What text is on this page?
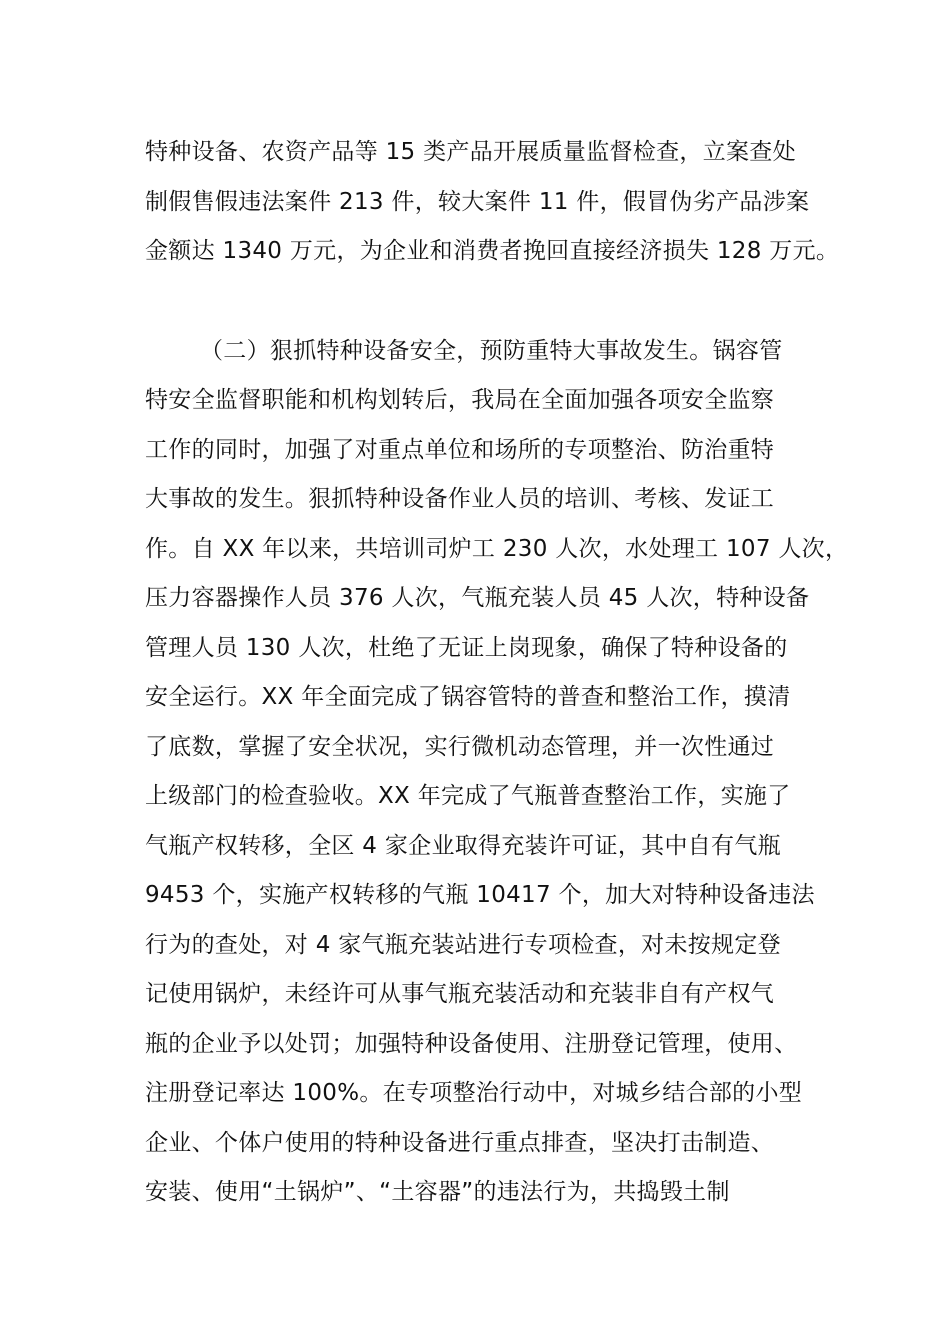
特种设备、农资产品等 15 类产品开展质量监督检查，立案查处

制假售假违法案件 213 件，较大案件 11 件，假冒伪劣产品涉案

金额达 1340 万元，为企业和消费者挽回直接经济损失 128 万元。

（二）狠抓特种设备安全，预防重特大事故发生。锅容管

特安全监督职能和机构划转后，我局在全面加强各项安全监察

工作的同时，加强了对重点单位和场所的专项整治、防治重特

大事故的发生。狠抓特种设备作业人员的培训、考核、发证工

作。自 XX 年以来，共培训司炉工 230 人次，水处理工 107 人次，

压力容器操作人员 376 人次，气瓶充装人员 45 人次，特种设备

管理人员 130 人次，杜绝了无证上岗现象，确保了特种设备的

安全运行。XX 年全面完成了锅容管特的普查和整治工作，摸清

了底数，掌握了安全状况，实行微机动态管理，并一次性通过

上级部门的检查验收。XX 年完成了气瓶普查整治工作，实施了

气瓶产权转移，全区 4 家企业取得充装许可证，其中自有气瓶

9453 个，实施产权转移的气瓶 10417 个，加大对特种设备违法

行为的查处，对 4 家气瓶充装站进行专项检查，对未按规定登

记使用锅炉，未经许可从事气瓶充装活动和充装非自有产权气

瓶的企业予以处罚；加强特种设备使用、注册登记管理，使用、

注册登记率达 100%。在专项整治行动中，对城乡结合部的小型

企业、个体户使用的特种设备进行重点排查，坚决打击制造、

安装、使用“土锅炉”、“土容器”的违法行为，共捣毁土制
